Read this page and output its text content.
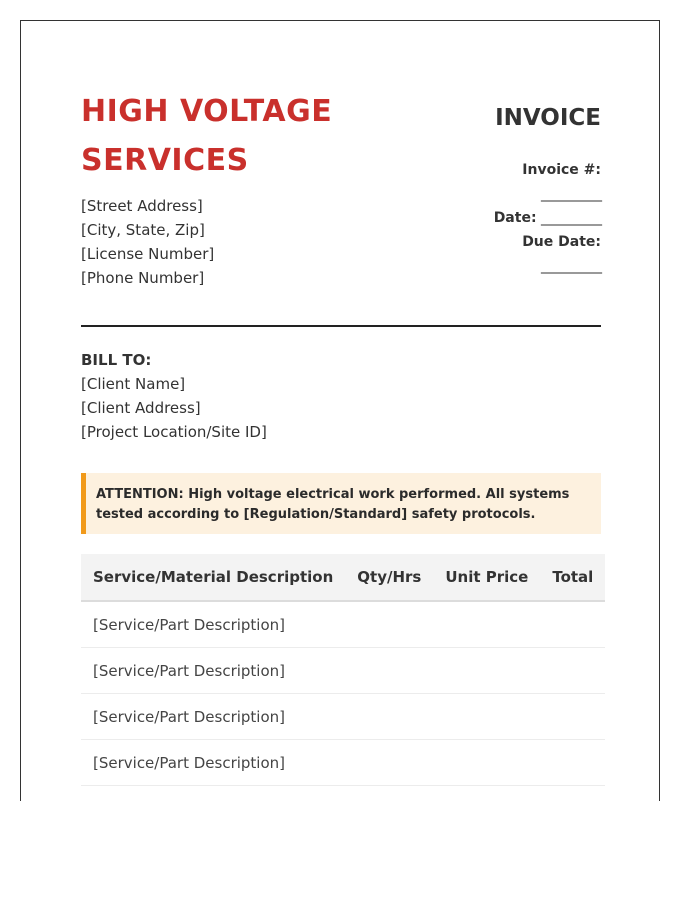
HIGH VOLTAGE SERVICES
[Street Address]
[City, State, Zip]
[License Number]
[Phone Number]
INVOICE
Invoice #:
__________
Date: __________
Due Date:
__________
BILL TO:
[Client Name]
[Client Address]
[Project Location/Site ID]
ATTENTION: High voltage electrical work performed. All systems tested according to [Regulation/Standard] safety protocols.
Service/Material Description	Qty/Hrs	Unit Price	Total
[Service/Part Description]			
[Service/Part Description]			
[Service/Part Description]			
[Service/Part Description]			
